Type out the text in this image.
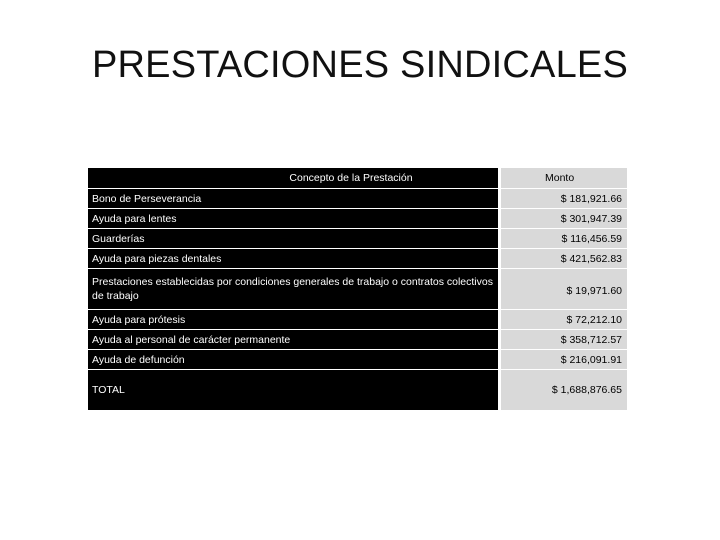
PRESTACIONES SINDICALES
Concepto de la Prestación		Monto
Bono de Perseverancia		$ 181,921.66
Ayuda para lentes		$ 301,947.39
Guarderías		$ 116,456.59
Ayuda para piezas dentales		$ 421,562.83
Prestaciones establecidas por condiciones generales de trabajo o contratos colectivos de trabajo		$ 19,971.60
Ayuda para prótesis		$ 72,212.10
Ayuda al personal de carácter permanente		$ 358,712.57
Ayuda de defunción		$ 216,091.91
TOTAL		$ 1,688,876.65
